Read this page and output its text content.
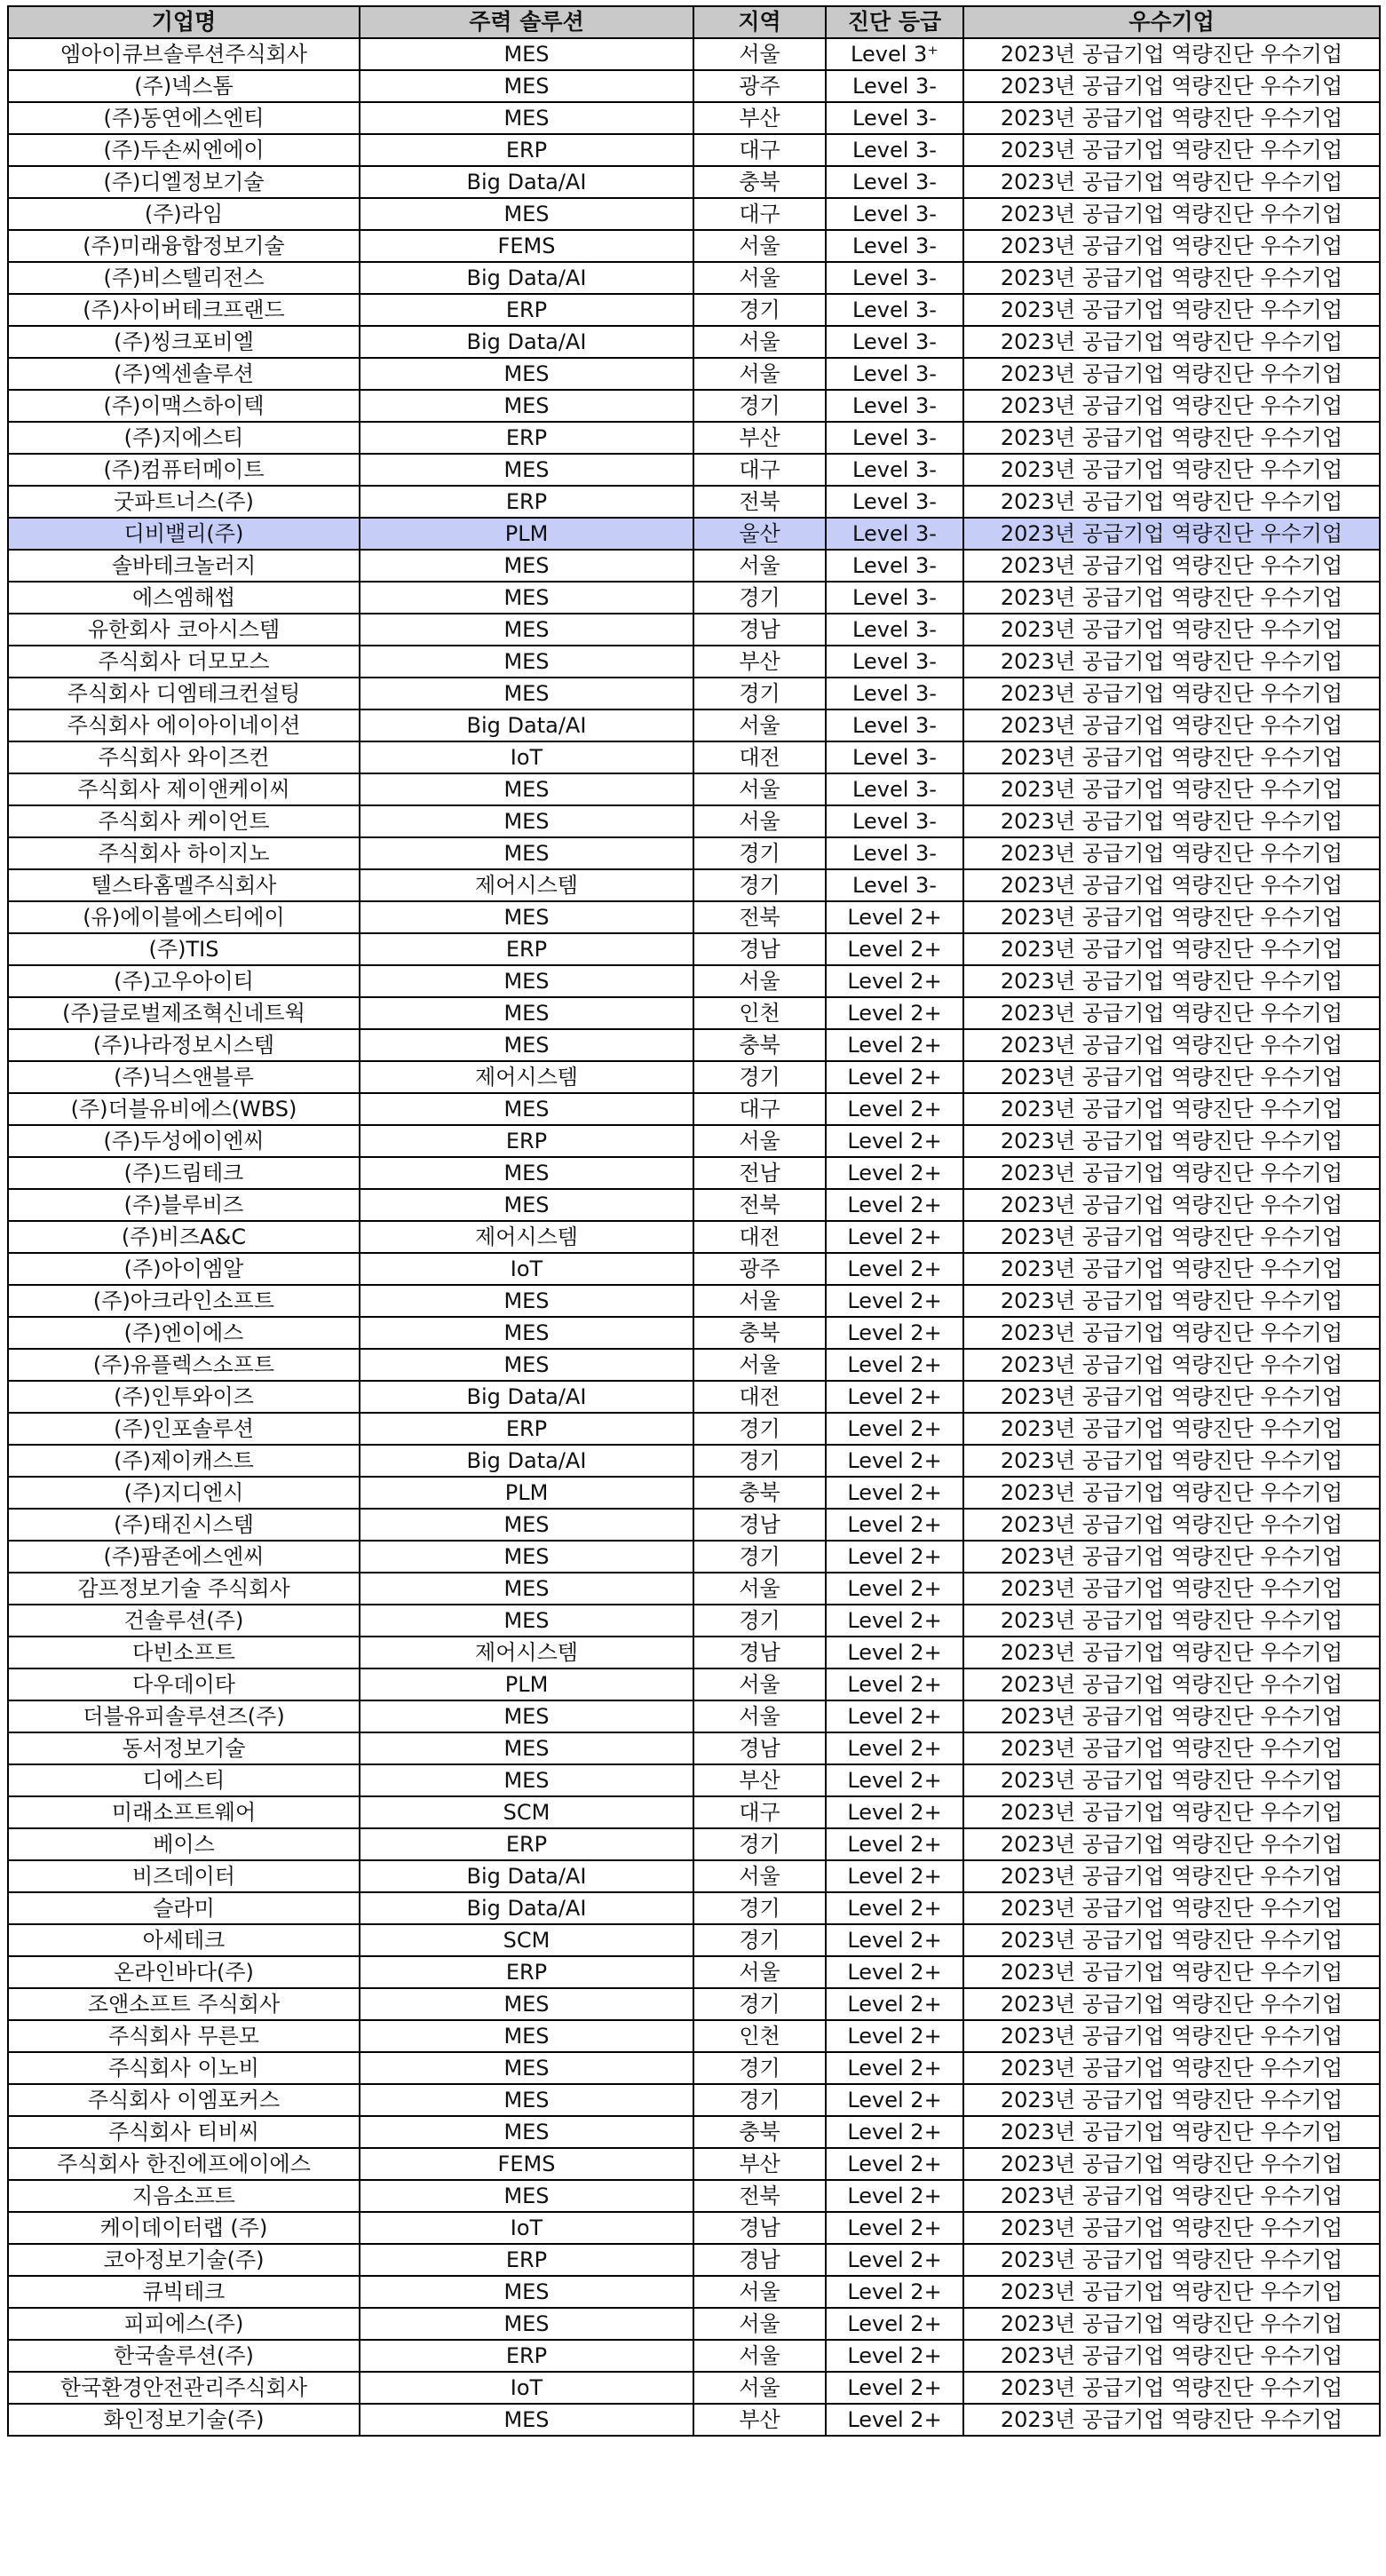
기업명	주력 솔루션	지역	진단 등급	우수기업
엠아이큐브솔루션주식회사	MES	서울	Level 3⁺	2023년 공급기업 역량진단 우수기업
(주)넥스톰	MES	광주	Level 3-	2023년 공급기업 역량진단 우수기업
(주)동연에스엔티	MES	부산	Level 3-	2023년 공급기업 역량진단 우수기업
(주)두손씨엔에이	ERP	대구	Level 3-	2023년 공급기업 역량진단 우수기업
(주)디엘정보기술	Big Data/AI	충북	Level 3-	2023년 공급기업 역량진단 우수기업
(주)라임	MES	대구	Level 3-	2023년 공급기업 역량진단 우수기업
(주)미래융합정보기술	FEMS	서울	Level 3-	2023년 공급기업 역량진단 우수기업
(주)비스텔리전스	Big Data/AI	서울	Level 3-	2023년 공급기업 역량진단 우수기업
(주)사이버테크프랜드	ERP	경기	Level 3-	2023년 공급기업 역량진단 우수기업
(주)씽크포비엘	Big Data/AI	서울	Level 3-	2023년 공급기업 역량진단 우수기업
(주)엑센솔루션	MES	서울	Level 3-	2023년 공급기업 역량진단 우수기업
(주)이맥스하이텍	MES	경기	Level 3-	2023년 공급기업 역량진단 우수기업
(주)지에스티	ERP	부산	Level 3-	2023년 공급기업 역량진단 우수기업
(주)컴퓨터메이트	MES	대구	Level 3-	2023년 공급기업 역량진단 우수기업
굿파트너스(주)	ERP	전북	Level 3-	2023년 공급기업 역량진단 우수기업
디비밸리(주)	PLM	울산	Level 3-	2023년 공급기업 역량진단 우수기업
솔바테크놀러지	MES	서울	Level 3-	2023년 공급기업 역량진단 우수기업
에스엠해썹	MES	경기	Level 3-	2023년 공급기업 역량진단 우수기업
유한회사 코아시스템	MES	경남	Level 3-	2023년 공급기업 역량진단 우수기업
주식회사 더모모스	MES	부산	Level 3-	2023년 공급기업 역량진단 우수기업
주식회사 디엠테크컨설팅	MES	경기	Level 3-	2023년 공급기업 역량진단 우수기업
주식회사 에이아이네이션	Big Data/AI	서울	Level 3-	2023년 공급기업 역량진단 우수기업
주식회사 와이즈컨	IoT	대전	Level 3-	2023년 공급기업 역량진단 우수기업
주식회사 제이앤케이씨	MES	서울	Level 3-	2023년 공급기업 역량진단 우수기업
주식회사 케이언트	MES	서울	Level 3-	2023년 공급기업 역량진단 우수기업
주식회사 하이지노	MES	경기	Level 3-	2023년 공급기업 역량진단 우수기업
텔스타홈멜주식회사	제어시스템	경기	Level 3-	2023년 공급기업 역량진단 우수기업
(유)에이블에스티에이	MES	전북	Level 2+	2023년 공급기업 역량진단 우수기업
(주)TIS	ERP	경남	Level 2+	2023년 공급기업 역량진단 우수기업
(주)고우아이티	MES	서울	Level 2+	2023년 공급기업 역량진단 우수기업
(주)글로벌제조혁신네트웍	MES	인천	Level 2+	2023년 공급기업 역량진단 우수기업
(주)나라정보시스템	MES	충북	Level 2+	2023년 공급기업 역량진단 우수기업
(주)닉스앤블루	제어시스템	경기	Level 2+	2023년 공급기업 역량진단 우수기업
(주)더블유비에스(WBS)	MES	대구	Level 2+	2023년 공급기업 역량진단 우수기업
(주)두성에이엔씨	ERP	서울	Level 2+	2023년 공급기업 역량진단 우수기업
(주)드림테크	MES	전남	Level 2+	2023년 공급기업 역량진단 우수기업
(주)블루비즈	MES	전북	Level 2+	2023년 공급기업 역량진단 우수기업
(주)비즈A&C	제어시스템	대전	Level 2+	2023년 공급기업 역량진단 우수기업
(주)아이엠알	IoT	광주	Level 2+	2023년 공급기업 역량진단 우수기업
(주)아크라인소프트	MES	서울	Level 2+	2023년 공급기업 역량진단 우수기업
(주)엔이에스	MES	충북	Level 2+	2023년 공급기업 역량진단 우수기업
(주)유플렉스소프트	MES	서울	Level 2+	2023년 공급기업 역량진단 우수기업
(주)인투와이즈	Big Data/AI	대전	Level 2+	2023년 공급기업 역량진단 우수기업
(주)인포솔루션	ERP	경기	Level 2+	2023년 공급기업 역량진단 우수기업
(주)제이캐스트	Big Data/AI	경기	Level 2+	2023년 공급기업 역량진단 우수기업
(주)지디엔시	PLM	충북	Level 2+	2023년 공급기업 역량진단 우수기업
(주)태진시스템	MES	경남	Level 2+	2023년 공급기업 역량진단 우수기업
(주)팜존에스엔씨	MES	경기	Level 2+	2023년 공급기업 역량진단 우수기업
감프정보기술 주식회사	MES	서울	Level 2+	2023년 공급기업 역량진단 우수기업
건솔루션(주)	MES	경기	Level 2+	2023년 공급기업 역량진단 우수기업
다빈소프트	제어시스템	경남	Level 2+	2023년 공급기업 역량진단 우수기업
다우데이타	PLM	서울	Level 2+	2023년 공급기업 역량진단 우수기업
더블유피솔루션즈(주)	MES	서울	Level 2+	2023년 공급기업 역량진단 우수기업
동서정보기술	MES	경남	Level 2+	2023년 공급기업 역량진단 우수기업
디에스티	MES	부산	Level 2+	2023년 공급기업 역량진단 우수기업
미래소프트웨어	SCM	대구	Level 2+	2023년 공급기업 역량진단 우수기업
베이스	ERP	경기	Level 2+	2023년 공급기업 역량진단 우수기업
비즈데이터	Big Data/AI	서울	Level 2+	2023년 공급기업 역량진단 우수기업
슬라미	Big Data/AI	경기	Level 2+	2023년 공급기업 역량진단 우수기업
아세테크	SCM	경기	Level 2+	2023년 공급기업 역량진단 우수기업
온라인바다(주)	ERP	서울	Level 2+	2023년 공급기업 역량진단 우수기업
조앤소프트 주식회사	MES	경기	Level 2+	2023년 공급기업 역량진단 우수기업
주식회사 무른모	MES	인천	Level 2+	2023년 공급기업 역량진단 우수기업
주식회사 이노비	MES	경기	Level 2+	2023년 공급기업 역량진단 우수기업
주식회사 이엠포커스	MES	경기	Level 2+	2023년 공급기업 역량진단 우수기업
주식회사 티비씨	MES	충북	Level 2+	2023년 공급기업 역량진단 우수기업
주식회사 한진에프에이에스	FEMS	부산	Level 2+	2023년 공급기업 역량진단 우수기업
지음소프트	MES	전북	Level 2+	2023년 공급기업 역량진단 우수기업
케이데이터랩 (주)	IoT	경남	Level 2+	2023년 공급기업 역량진단 우수기업
코아정보기술(주)	ERP	경남	Level 2+	2023년 공급기업 역량진단 우수기업
큐빅테크	MES	서울	Level 2+	2023년 공급기업 역량진단 우수기업
피피에스(주)	MES	서울	Level 2+	2023년 공급기업 역량진단 우수기업
한국솔루션(주)	ERP	서울	Level 2+	2023년 공급기업 역량진단 우수기업
한국환경안전관리주식회사	IoT	서울	Level 2+	2023년 공급기업 역량진단 우수기업
화인정보기술(주)	MES	부산	Level 2+	2023년 공급기업 역량진단 우수기업
